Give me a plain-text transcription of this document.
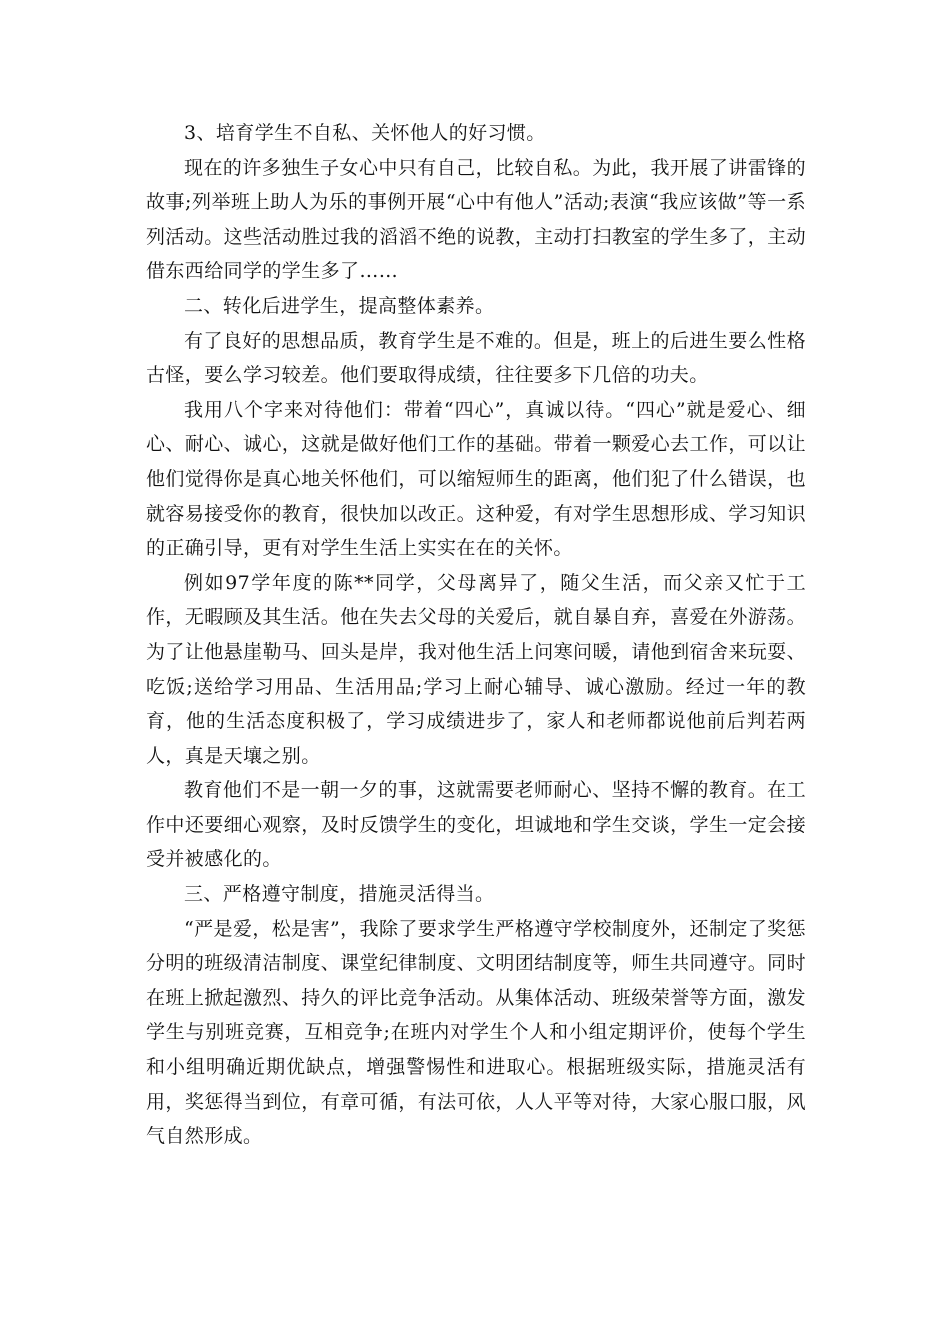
3、培育学生不自私、关怀他人的好习惯。

现在的许多独生子女心中只有自己，比较自私。为此，我开展了讲雷锋的故事;列举班上助人为乐的事例开展“心中有他人”活动;表演“我应该做”等一系列活动。这些活动胜过我的滔滔不绝的说教，主动打扫教室的学生多了，主动借东西给同学的学生多了……

二、转化后进学生，提高整体素养。

有了良好的思想品质，教育学生是不难的。但是，班上的后进生要么性格古怪，要么学习较差。他们要取得成绩，往往要多下几倍的功夫。

我用八个字来对待他们：带着“四心”，真诚以待。“四心”就是爱心、细心、耐心、诚心，这就是做好他们工作的基础。带着一颗爱心去工作，可以让他们觉得你是真心地关怀他们，可以缩短师生的距离，他们犯了什么错误，也就容易接受你的教育，很快加以改正。这种爱，有对学生思想形成、学习知识的正确引导，更有对学生生活上实实在在的关怀。

例如97学年度的陈**同学，父母离异了，随父生活，而父亲又忙于工作，无暇顾及其生活。他在失去父母的关爱后，就自暴自弃，喜爱在外游荡。为了让他悬崖勒马、回头是岸，我对他生活上问寒问暖，请他到宿舍来玩耍、吃饭;送给学习用品、生活用品;学习上耐心辅导、诚心激励。经过一年的教育，他的生活态度积极了，学习成绩进步了，家人和老师都说他前后判若两人，真是天壤之别。

教育他们不是一朝一夕的事，这就需要老师耐心、坚持不懈的教育。在工作中还要细心观察，及时反馈学生的变化，坦诚地和学生交谈，学生一定会接受并被感化的。

三、严格遵守制度，措施灵活得当。

“严是爱，松是害”，我除了要求学生严格遵守学校制度外，还制定了奖惩分明的班级清洁制度、课堂纪律制度、文明团结制度等，师生共同遵守。同时在班上掀起激烈、持久的评比竞争活动。从集体活动、班级荣誉等方面，激发学生与别班竞赛，互相竞争;在班内对学生个人和小组定期评价，使每个学生和小组明确近期优缺点，增强警惕性和进取心。根据班级实际，措施灵活有用，奖惩得当到位，有章可循，有法可依，人人平等对待，大家心服口服，风气自然形成。
